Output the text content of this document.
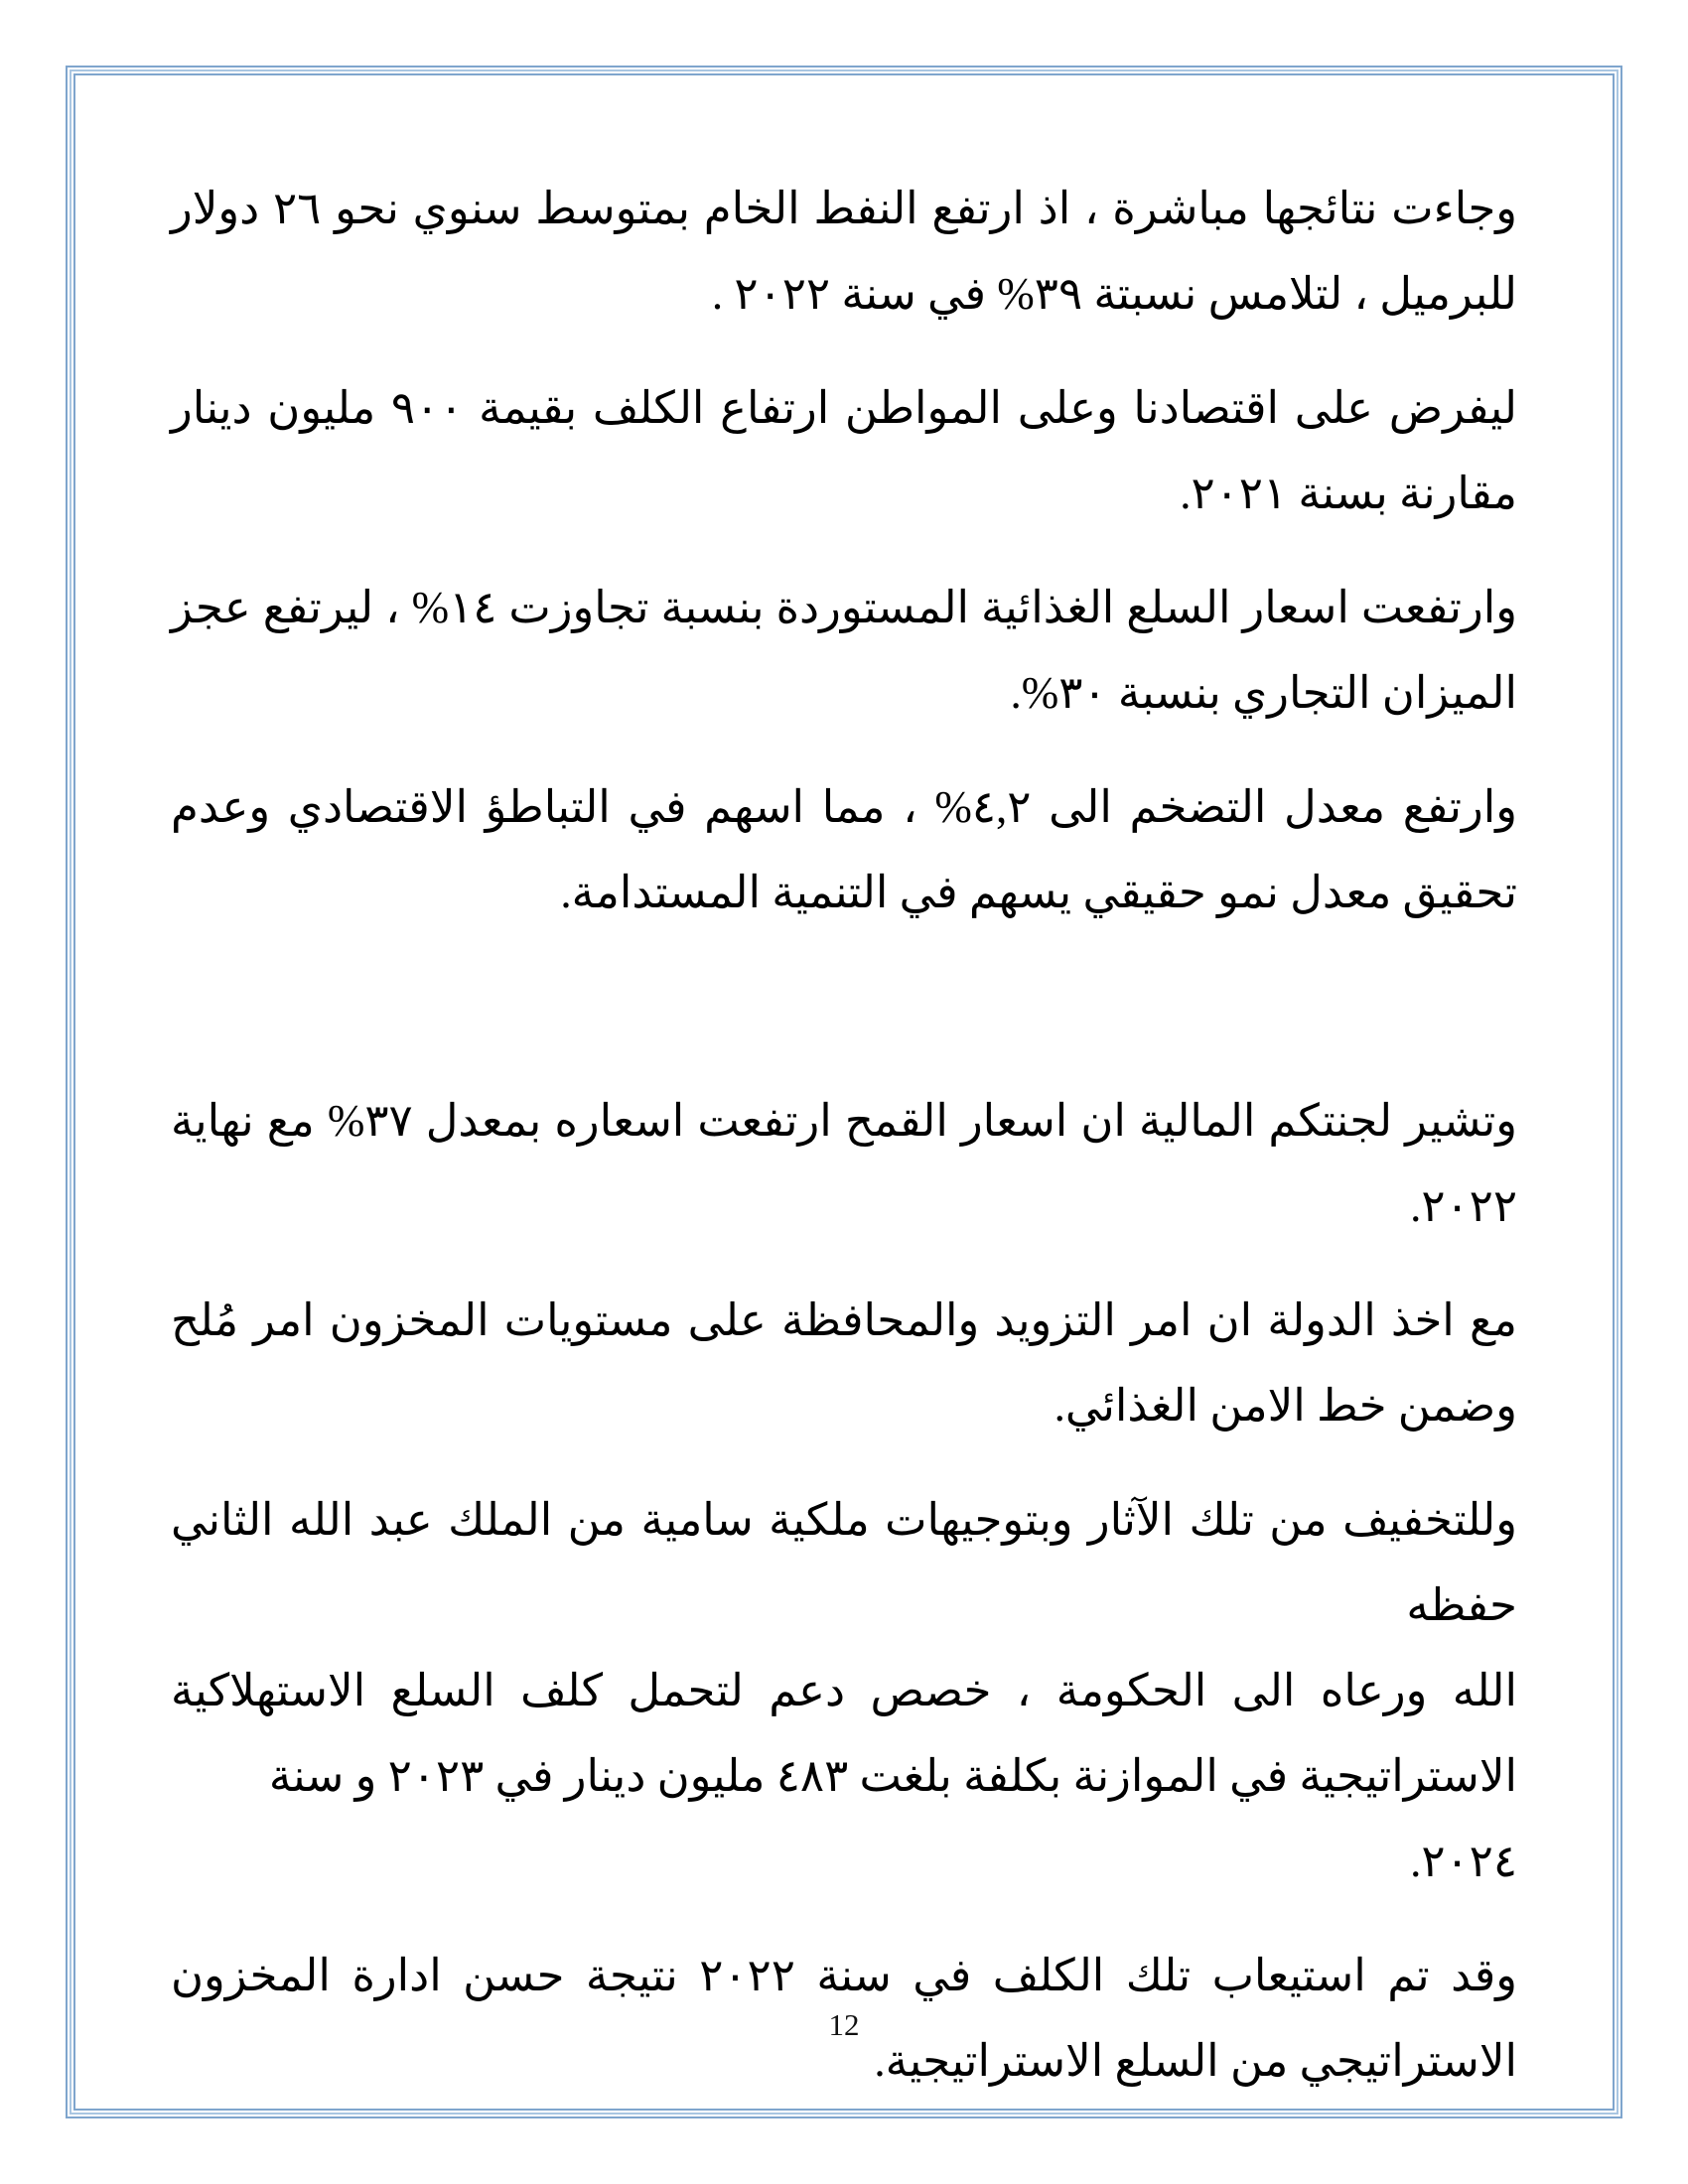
وجاءت نتائجها مباشرة ، اذ ارتفع النفط الخام بمتوسط سنوي نحو ٢٦ دولار
للبرميل ، لتلامس نسبتة ٣٩% في سنة ٢٠٢٢ .
ليفرض على اقتصادنا وعلى المواطن ارتفاع الكلف بقيمة ٩٠٠ مليون دينار
مقارنة بسنة ٢٠٢١.
وارتفعت اسعار السلع الغذائية المستوردة بنسبة تجاوزت ١٤% ، ليرتفع عجز
الميزان التجاري بنسبة ٣٠%.
وارتفع معدل التضخم الى ٤,٢% ، مما اسهم في التباطؤ الاقتصادي وعدم
تحقيق معدل نمو حقيقي يسهم في التنمية المستدامة.
وتشير لجنتكم المالية ان اسعار القمح ارتفعت اسعاره بمعدل ٣٧% مع نهاية
٢٠٢٢.
مع اخذ الدولة ان امر التزويد والمحافظة على مستويات المخزون امر مُلح
وضمن خط الامن الغذائي.
وللتخفيف من تلك الآثار وبتوجيهات ملكية سامية من الملك عبد الله الثاني حفظه
الله ورعاه الى الحكومة ، خصص دعم لتحمل كلف السلع الاستهلاكية
الاستراتيجية في الموازنة بكلفة بلغت ٤٨٣ مليون دينار في ٢٠٢٣ و سنة ٢٠٢٤.
وقد تم استيعاب تلك الكلف في سنة ٢٠٢٢ نتيجة حسن ادارة المخزون
الاستراتيجي من السلع الاستراتيجية.
12
